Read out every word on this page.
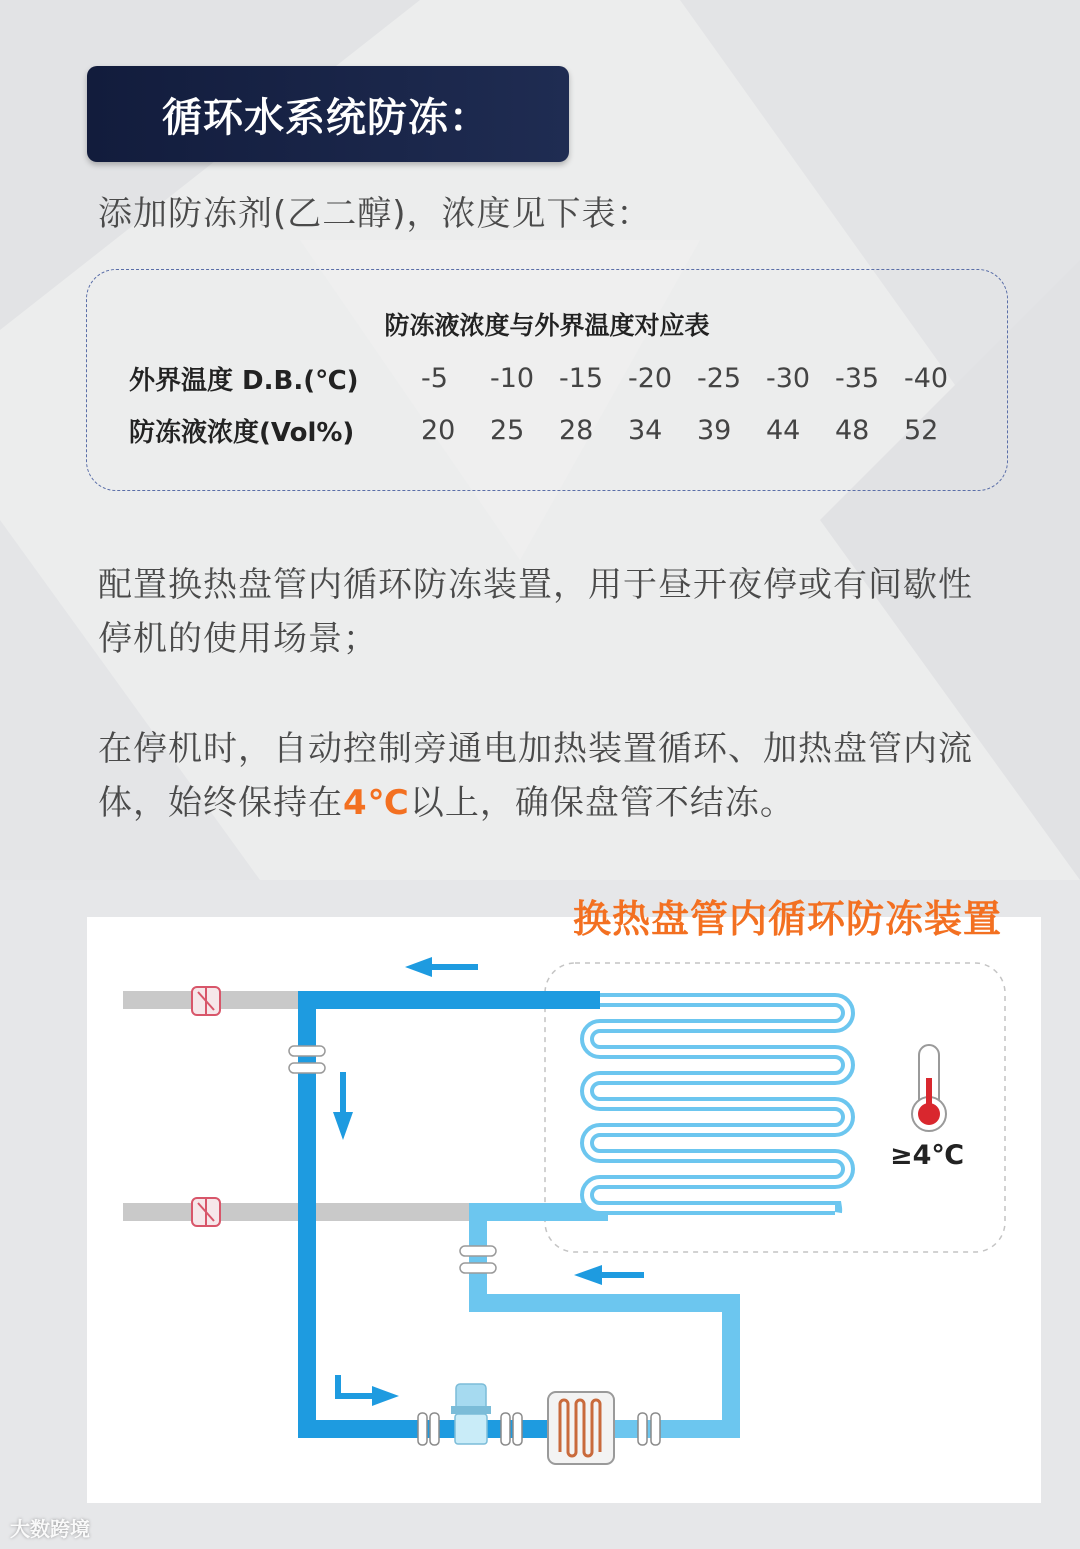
循环水系统防冻：
添加防冻剂(乙二醇)，浓度见下表：
防冻液浓度与外界温度对应表
外界温度 D.B.(℃)	-5	-10 -15 -20 -25 -30 -35 -40
防冻液浓度(Vol%)	20	25	28	34	39	44	48	52
配置换热盘管内循环防冻装置，用于昼开夜停或有间歇性停机的使用场景；
在停机时，自动控制旁通电加热装置循环、加热盘管内流体，始终保持在4℃以上，确保盘管不结冻。
换热盘管内循环防冻装置
≥4℃
大数跨境
